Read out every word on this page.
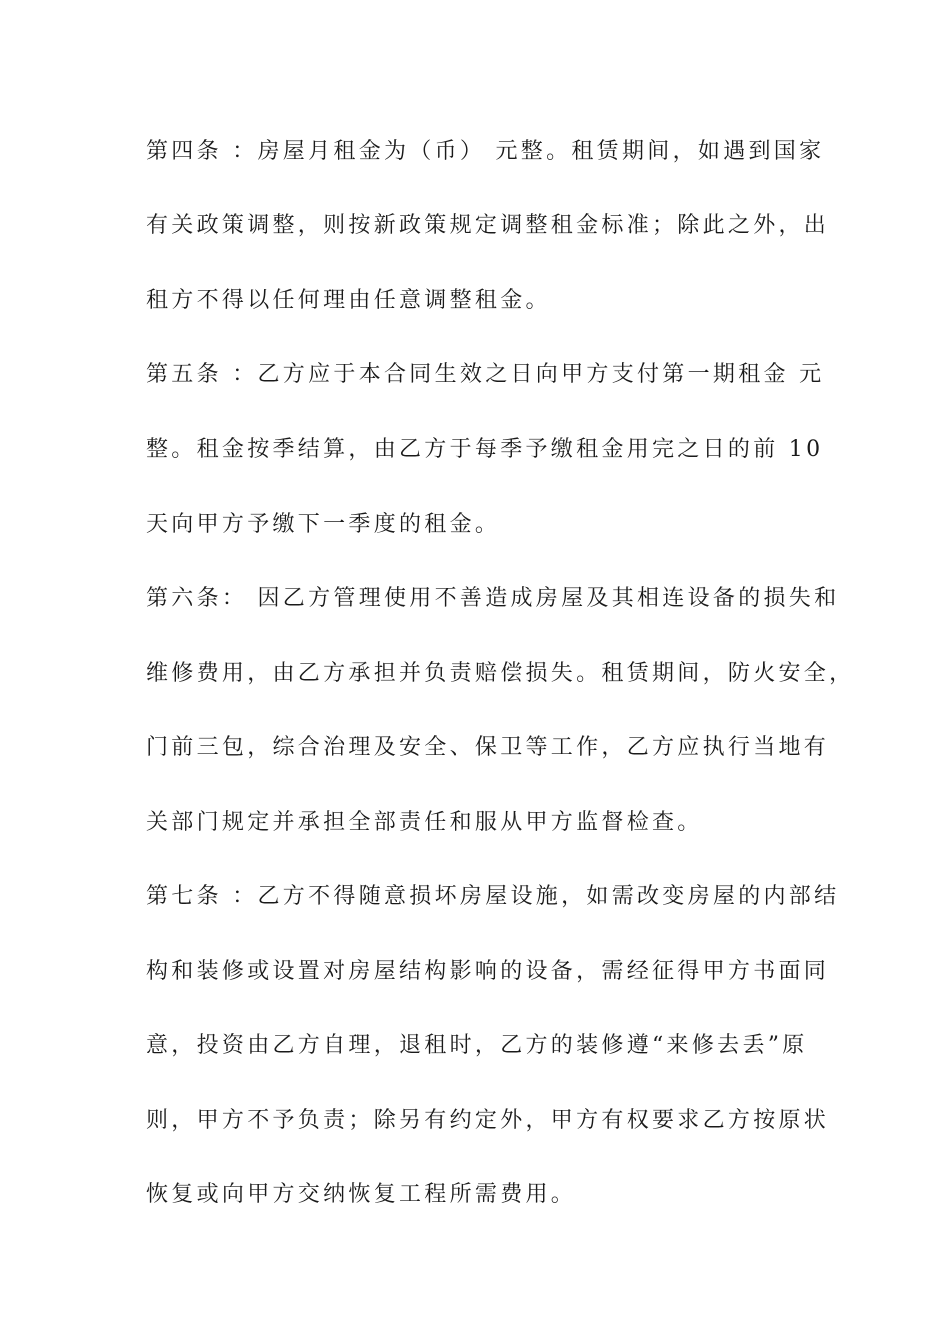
第四条 ：房屋月租金为（币） 元整。租赁期间，如遇到国家
有关政策调整，则按新政策规定调整租金标准；除此之外，出
租方不得以任何理由任意调整租金。
第五条 ：乙方应于本合同生效之日向甲方支付第一期租金 元
整。租金按季结算，由乙方于每季予缴租金用完之日的前 10
天向甲方予缴下一季度的租金。
第六条： 因乙方管理使用不善造成房屋及其相连设备的损失和
维修费用，由乙方承担并负责赔偿损失。租赁期间，防火安全，
门前三包，综合治理及安全、保卫等工作，乙方应执行当地有
关部门规定并承担全部责任和服从甲方监督检查。
第七条 ：乙方不得随意损坏房屋设施，如需改变房屋的内部结
构和装修或设置对房屋结构影响的设备，需经征得甲方书面同
意，投资由乙方自理，退租时，乙方的装修遵“来修去丢”原
则，甲方不予负责；除另有约定外，甲方有权要求乙方按原状
恢复或向甲方交纳恢复工程所需费用。
